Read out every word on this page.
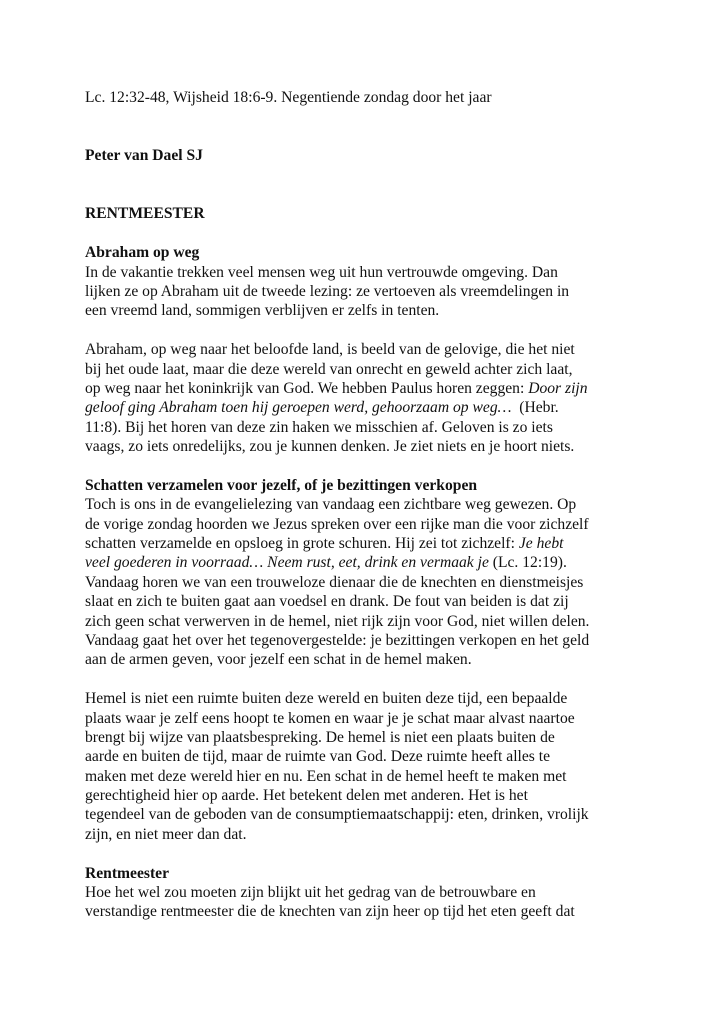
Lc. 12:32-48, Wijsheid 18:6-9. Negentiende zondag door het jaar
Peter van Dael SJ
RENTMEESTER
Abraham op weg
In de vakantie trekken veel mensen weg uit hun vertrouwde omgeving. Dan
lijken ze op Abraham uit de tweede lezing: ze vertoeven als vreemdelingen in
een vreemd land, sommigen verblijven er zelfs in tenten.
Abraham, op weg naar het beloofde land, is beeld van de gelovige, die het niet
bij het oude laat, maar die deze wereld van onrecht en geweld achter zich laat,
op weg naar het koninkrijk van God. We hebben Paulus horen zeggen: Door zijn
geloof ging Abraham toen hij geroepen werd, gehoorzaam op weg…  (Hebr.
11:8). Bij het horen van deze zin haken we misschien af. Geloven is zo iets
vaags, zo iets onredelijks, zou je kunnen denken. Je ziet niets en je hoort niets.
Schatten verzamelen voor jezelf, of je bezittingen verkopen
Toch is ons in de evangelielezing van vandaag een zichtbare weg gewezen. Op
de vorige zondag hoorden we Jezus spreken over een rijke man die voor zichzelf
schatten verzamelde en opsloeg in grote schuren. Hij zei tot zichzelf: Je hebt
veel goederen in voorraad… Neem rust, eet, drink en vermaak je (Lc. 12:19).
Vandaag horen we van een trouweloze dienaar die de knechten en dienstmeisjes
slaat en zich te buiten gaat aan voedsel en drank. De fout van beiden is dat zij
zich geen schat verwerven in de hemel, niet rijk zijn voor God, niet willen delen.
Vandaag gaat het over het tegenovergestelde: je bezittingen verkopen en het geld
aan de armen geven, voor jezelf een schat in de hemel maken.
Hemel is niet een ruimte buiten deze wereld en buiten deze tijd, een bepaalde
plaats waar je zelf eens hoopt te komen en waar je je schat maar alvast naartoe
brengt bij wijze van plaatsbespreking. De hemel is niet een plaats buiten de
aarde en buiten de tijd, maar de ruimte van God. Deze ruimte heeft alles te
maken met deze wereld hier en nu. Een schat in de hemel heeft te maken met
gerechtigheid hier op aarde. Het betekent delen met anderen. Het is het
tegendeel van de geboden van de consumptiemaatschappij: eten, drinken, vrolijk
zijn, en niet meer dan dat.
Rentmeester
Hoe het wel zou moeten zijn blijkt uit het gedrag van de betrouwbare en
verstandige rentmeester die de knechten van zijn heer op tijd het eten geeft dat
